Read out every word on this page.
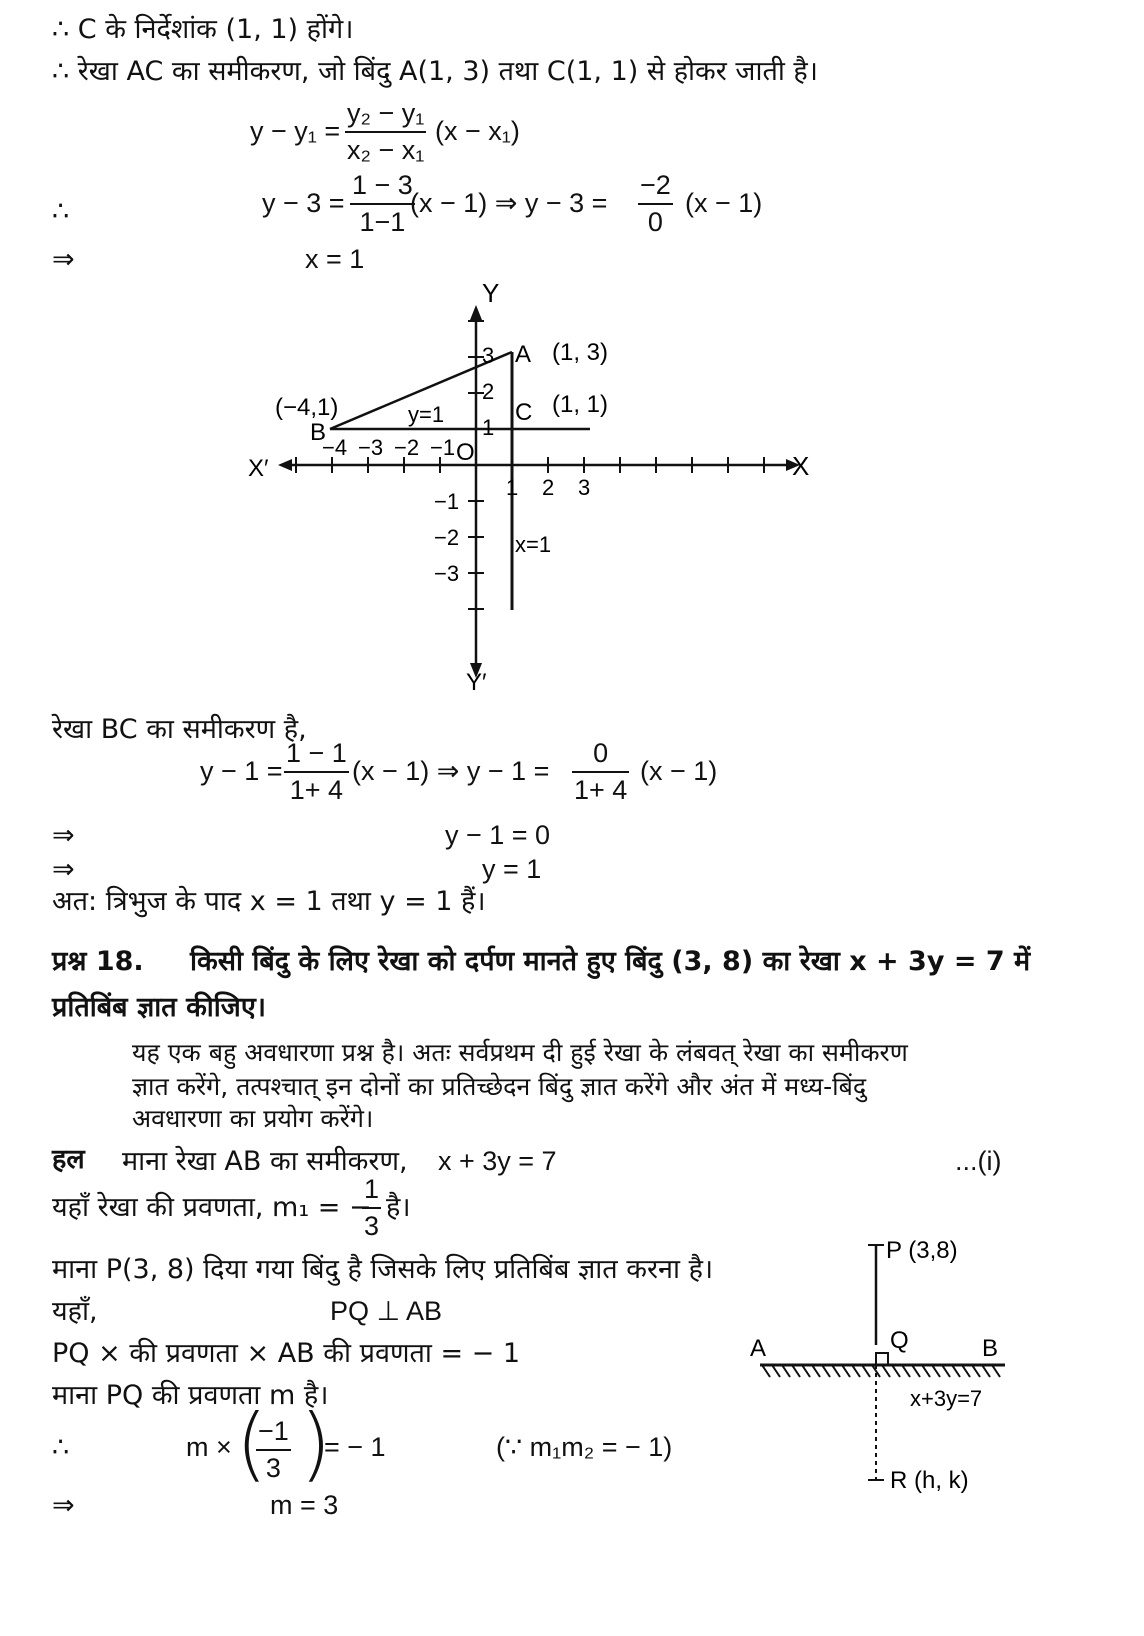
∴ C के निर्देशांक (1, 1) होंगे।
∴ रेखा AC का समीकरण, जो बिंदु A(1, 3) तथा C(1, 1) से होकर जाती है।
$y - y_1 = \frac{\text{y₂ − y₁}}{\text{x₂ − x₁}} (x - x_1)$
∴	$y - 3 = \frac{1 - 3}{1-1}$
(x − 1) ⇒ $y - 3 = \frac{-2}{0} (x - 1)$
⇒	x = 1
Y
Y′
X
X′
A (1, 3)
C (1, 1)
B
(−4,1)
O
y=1
x=1
−4 −3 −2 −1
1 2 3
3
2
1
−1
−2
−3
रेखा BC का समीकरण है,
$y - 1 = \frac{1 - 1}{1+ 4} (x - 1)$ ⇒ $y - 1 = \frac{0}{1+ 4} (x - 1)$
⇒	y − 1 = 0
⇒	y = 1
अत: त्रिभुज के पाद x = 1 तथा y = 1 हैं।
प्रश्न 18. किसी बिंदु के लिए रेखा को दर्पण मानते हुए बिंदु (3, 8) का रेखा x + 3y = 7 में
प्रतिबिंब ज्ञात कीजिए।
यह एक बहु अवधारणा प्रश्न है। अतः सर्वप्रथम दी हुई रेखा के लंबवत् रेखा का समीकरण
ज्ञात करेंगे, तत्पश्चात् इन दोनों का प्रतिच्छेदन बिंदु ज्ञात करेंगे और अंत में मध्य-बिंदु
अवधारणा का प्रयोग करेंगे।
हल माना रेखा AB का समीकरण, x + 3y = 7	...(i)
यहाँ रेखा की प्रवणता, m₁ = −
$\frac{1}{3}$ है।
माना P(3, 8) दिया गया बिंदु है जिसके लिए प्रतिबिंब ज्ञात करना है।
यहाँ,	PQ ⊥ AB
PQ × की प्रवणता × AB की प्रवणता = − 1
माना PQ की प्रवणता m है।
∴	m × (
$\frac{-1}{3}$ )
= − 1	(∵ m₁m₂ = − 1)
⇒	m = 3
P (3,8)
Q
A	B
x+3y=7
R (h, k)
